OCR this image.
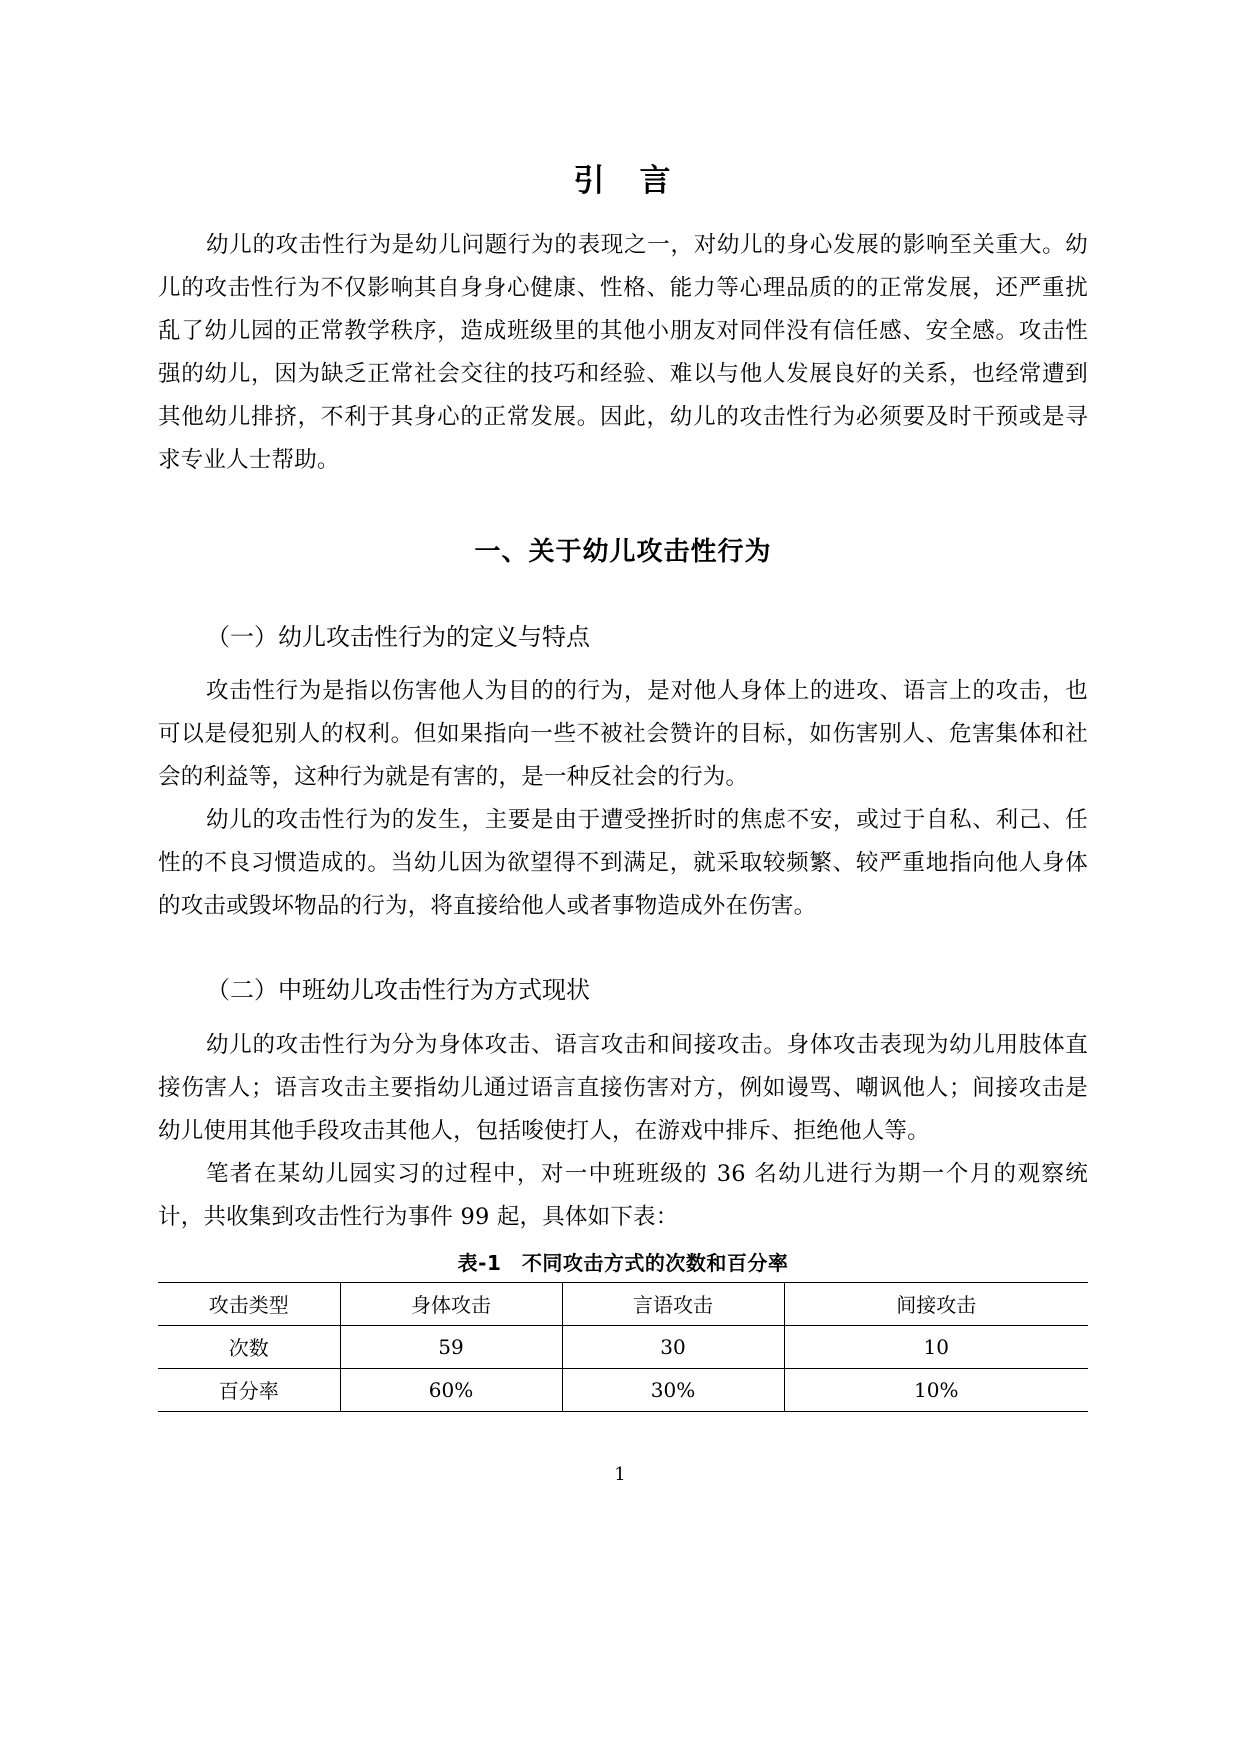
引　言

幼儿的攻击性行为是幼儿问题行为的表现之一，对幼儿的身心发展的影响至关重大。幼儿的攻击性行为不仅影响其自身身心健康、性格、能力等心理品质的的正常发展，还严重扰乱了幼儿园的正常教学秩序，造成班级里的其他小朋友对同伴没有信任感、安全感。攻击性强的幼儿，因为缺乏正常社会交往的技巧和经验、难以与他人发展良好的关系，也经常遭到其他幼儿排挤，不利于其身心的正常发展。因此，幼儿的攻击性行为必须要及时干预或是寻求专业人士帮助。

一、关于幼儿攻击性行为
（一）幼儿攻击性行为的定义与特点

攻击性行为是指以伤害他人为目的的行为，是对他人身体上的进攻、语言上的攻击，也可以是侵犯别人的权利。但如果指向一些不被社会赞许的目标，如伤害别人、危害集体和社会的利益等，这种行为就是有害的，是一种反社会的行为。

幼儿的攻击性行为的发生，主要是由于遭受挫折时的焦虑不安，或过于自私、利己、任性的不良习惯造成的。当幼儿因为欲望得不到满足，就采取较频繁、较严重地指向他人身体的攻击或毁坏物品的行为，将直接给他人或者事物造成外在伤害。

（二）中班幼儿攻击性行为方式现状

幼儿的攻击性行为分为身体攻击、语言攻击和间接攻击。身体攻击表现为幼儿用肢体直接伤害人；语言攻击主要指幼儿通过语言直接伤害对方，例如谩骂、嘲讽他人；间接攻击是幼儿使用其他手段攻击其他人，包括唆使打人，在游戏中排斥、拒绝他人等。

笔者在某幼儿园实习的过程中，对一中班班级的 36 名幼儿进行为期一个月的观察统计，共收集到攻击性行为事件 99 起，具体如下表：

表-1　不同攻击方式的次数和百分率
攻击类型	身体攻击	言语攻击	间接攻击
次数	59	30	10
百分率	60%	30%	10%
1
